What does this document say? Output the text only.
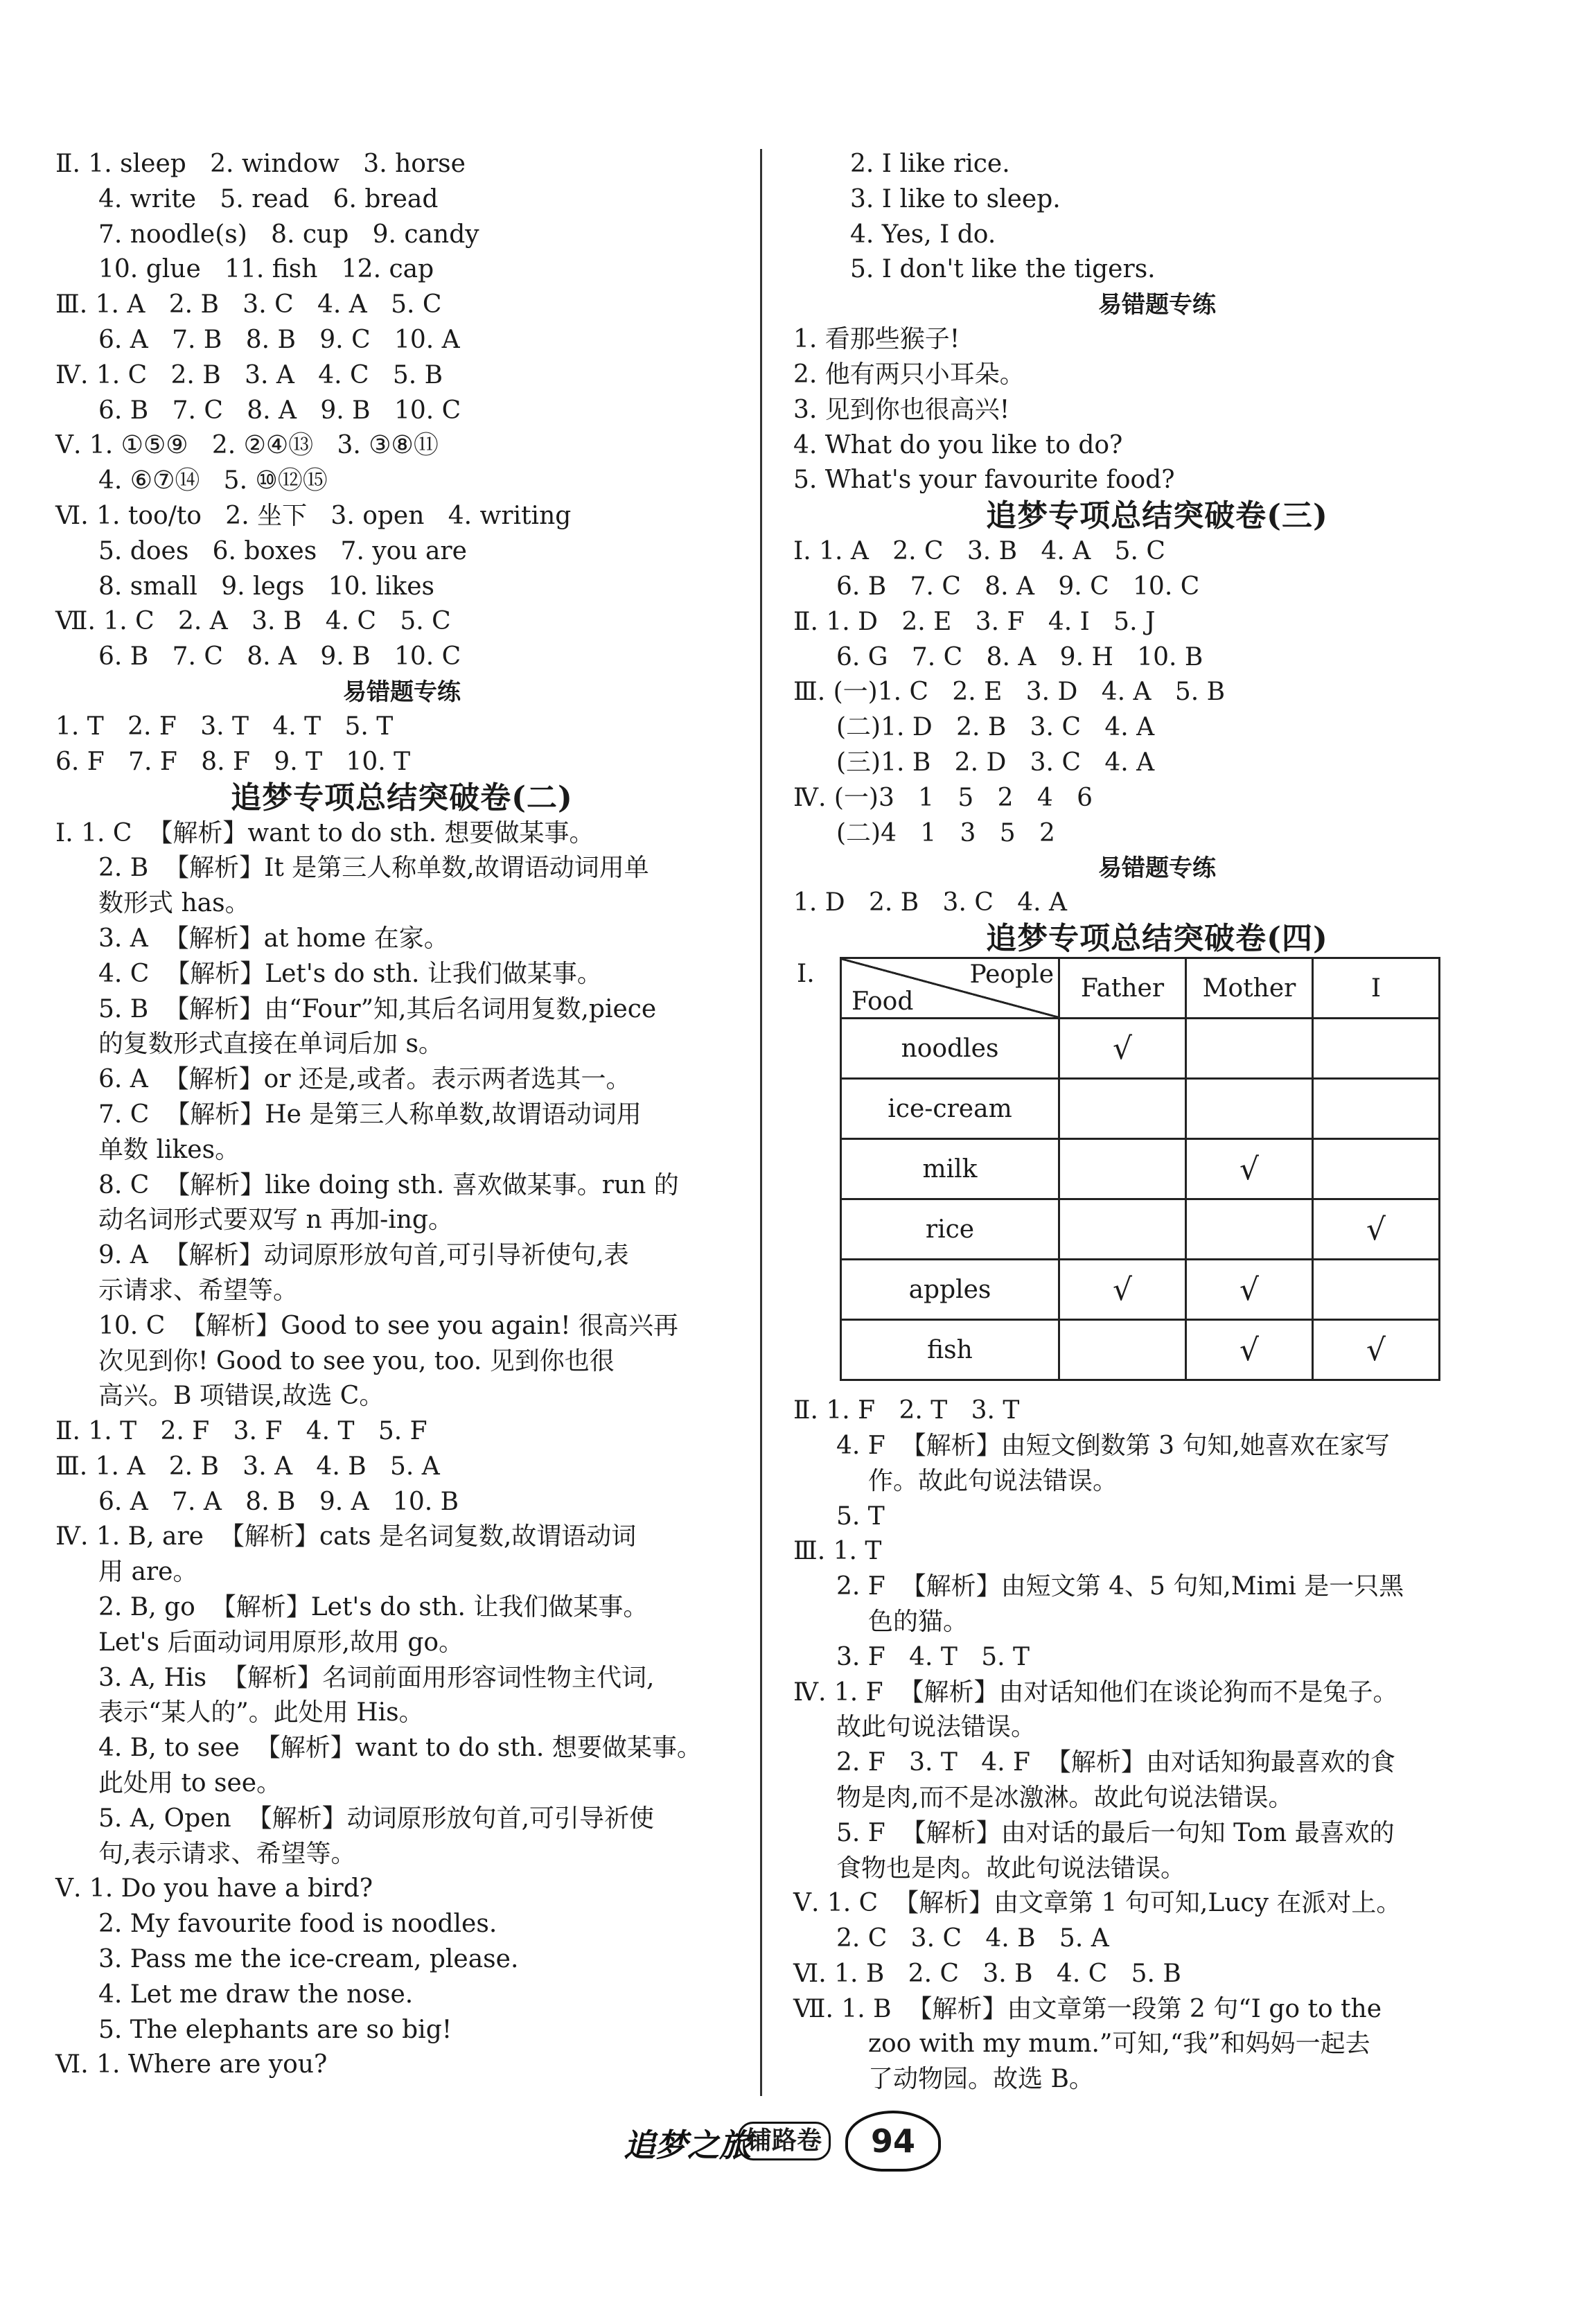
Ⅱ. 1. sleep   2. window   3. horse
4. write   5. read   6. bread
7. noodle(s)   8. cup   9. candy
10. glue   11. fish   12. cap
Ⅲ. 1. A   2. B   3. C   4. A   5. C
6. A   7. B   8. B   9. C   10. A
Ⅳ. 1. C   2. B   3. A   4. C   5. B
6. B   7. C   8. A   9. B   10. C
Ⅴ. 1. ①⑤⑨   2. ②④⑬   3. ③⑧⑪
4. ⑥⑦⑭   5. ⑩⑫⑮
Ⅵ. 1. too/to   2. 坐下   3. open   4. writing
5. does   6. boxes   7. you are
8. small   9. legs   10. likes
Ⅶ. 1. C   2. A   3. B   4. C   5. C
6. B   7. C   8. A   9. B   10. C
易错题专练
1. T   2. F   3. T   4. T   5. T
6. F   7. F   8. F   9. T   10. T
追梦专项总结突破卷(二)
Ⅰ. 1. C  【解析】want to do sth. 想要做某事。
2. B  【解析】It 是第三人称单数,故谓语动词用单
数形式 has。
3. A  【解析】at home 在家。
4. C  【解析】Let's do sth. 让我们做某事。
5. B  【解析】由“Four”知,其后名词用复数,piece
的复数形式直接在单词后加 s。
6. A  【解析】or 还是,或者。表示两者选其一。
7. C  【解析】He 是第三人称单数,故谓语动词用
单数 likes。
8. C  【解析】like doing sth. 喜欢做某事。run 的
动名词形式要双写 n 再加-ing。
9. A  【解析】动词原形放句首,可引导祈使句,表
示请求、希望等。
10. C  【解析】Good to see you again! 很高兴再
次见到你! Good to see you, too. 见到你也很
高兴。B 项错误,故选 C。
Ⅱ. 1. T   2. F   3. F   4. T   5. F
Ⅲ. 1. A   2. B   3. A   4. B   5. A
6. A   7. A   8. B   9. A   10. B
Ⅳ. 1. B, are  【解析】cats 是名词复数,故谓语动词
用 are。
2. B, go  【解析】Let's do sth. 让我们做某事。
Let's 后面动词用原形,故用 go。
3. A, His  【解析】名词前面用形容词性物主代词,
表示“某人的”。此处用 His。
4. B, to see  【解析】want to do sth. 想要做某事。
此处用 to see。
5. A, Open  【解析】动词原形放句首,可引导祈使
句,表示请求、希望等。
Ⅴ. 1. Do you have a bird?
2. My favourite food is noodles.
3. Pass me the ice-cream, please.
4. Let me draw the nose.
5. The elephants are so big!
Ⅵ. 1. Where are you?
2. I like rice.
3. I like to sleep.
4. Yes, I do.
5. I don't like the tigers.
易错题专练
1. 看那些猴子!
2. 他有两只小耳朵。
3. 见到你也很高兴!
4. What do you like to do?
5. What's your favourite food?
追梦专项总结突破卷(三)
Ⅰ. 1. A   2. C   3. B   4. A   5. C
6. B   7. C   8. A   9. C   10. C
Ⅱ. 1. D   2. E   3. F   4. I   5. J
6. G   7. C   8. A   9. H   10. B
Ⅲ. (一)1. C   2. E   3. D   4. A   5. B
(二)1. D   2. B   3. C   4. A
(三)1. B   2. D   3. C   4. A
Ⅳ. (一)3   1   5   2   4   6
(二)4   1   3   5   2
易错题专练
1. D   2. B   3. C   4. A
追梦专项总结突破卷(四)
Ⅰ.	People
Food	Father	Mother	I
noodles	√		
ice-cream			
milk		√	
rice			√
apples	√	√	
fish		√	√
Ⅱ. 1. F   2. T   3. T
4. F  【解析】由短文倒数第 3 句知,她喜欢在家写
作。故此句说法错误。
5. T
Ⅲ. 1. T
2. F  【解析】由短文第 4、5 句知,Mimi 是一只黑
色的猫。
3. F   4. T   5. T
Ⅳ. 1. F  【解析】由对话知他们在谈论狗而不是兔子。
故此句说法错误。
2. F   3. T   4. F  【解析】由对话知狗最喜欢的食
物是肉,而不是冰激淋。故此句说法错误。
5. F  【解析】由对话的最后一句知 Tom 最喜欢的
食物也是肉。故此句说法错误。
Ⅴ. 1. C  【解析】由文章第 1 句可知,Lucy 在派对上。
2. C   3. C   4. B   5. A
Ⅵ. 1. B   2. C   3. B   4. C   5. B
Ⅶ. 1. B  【解析】由文章第一段第 2 句“I go to the
zoo with my mum.”可知,“我”和妈妈一起去
了动物园。故选 B。
追梦之旅
铺路卷	94
